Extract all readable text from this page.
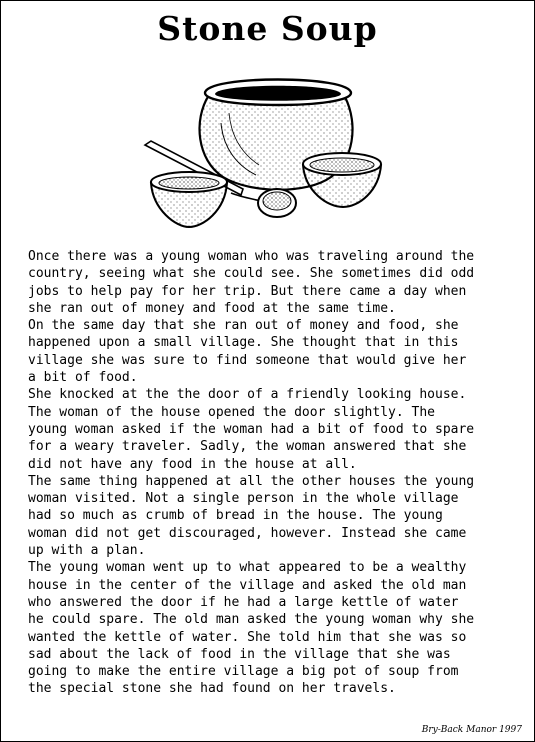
Stone Soup
Once there was a young woman who was traveling around the
country, seeing what she could see. She sometimes did odd
jobs to help pay for her trip. But there came a day when
she ran out of money and food at the same time.
On the same day that she ran out of money and food, she
happened upon a small village. She thought that in this
village she was sure to find someone that would give her
a bit of food.
She knocked at the the door of a friendly looking house.
The woman of the house opened the door slightly. The
young woman asked if the woman had a bit of food to spare
for a weary traveler. Sadly, the woman answered that she
did not have any food in the house at all.
The same thing happened at all the other houses the young
woman visited. Not a single person in the whole village
had so much as crumb of bread in the house. The young
woman did not get discouraged, however. Instead she came
up with a plan.
The young woman went up to what appeared to be a wealthy
house in the center of the village and asked the old man
who answered the door if he had a large kettle of water
he could spare. The old man asked the young woman why she
wanted the kettle of water. She told him that she was so
sad about the lack of food in the village that she was
going to make the entire village a big pot of soup from
the special stone she had found on her travels.
Bry-Back Manor 1997
